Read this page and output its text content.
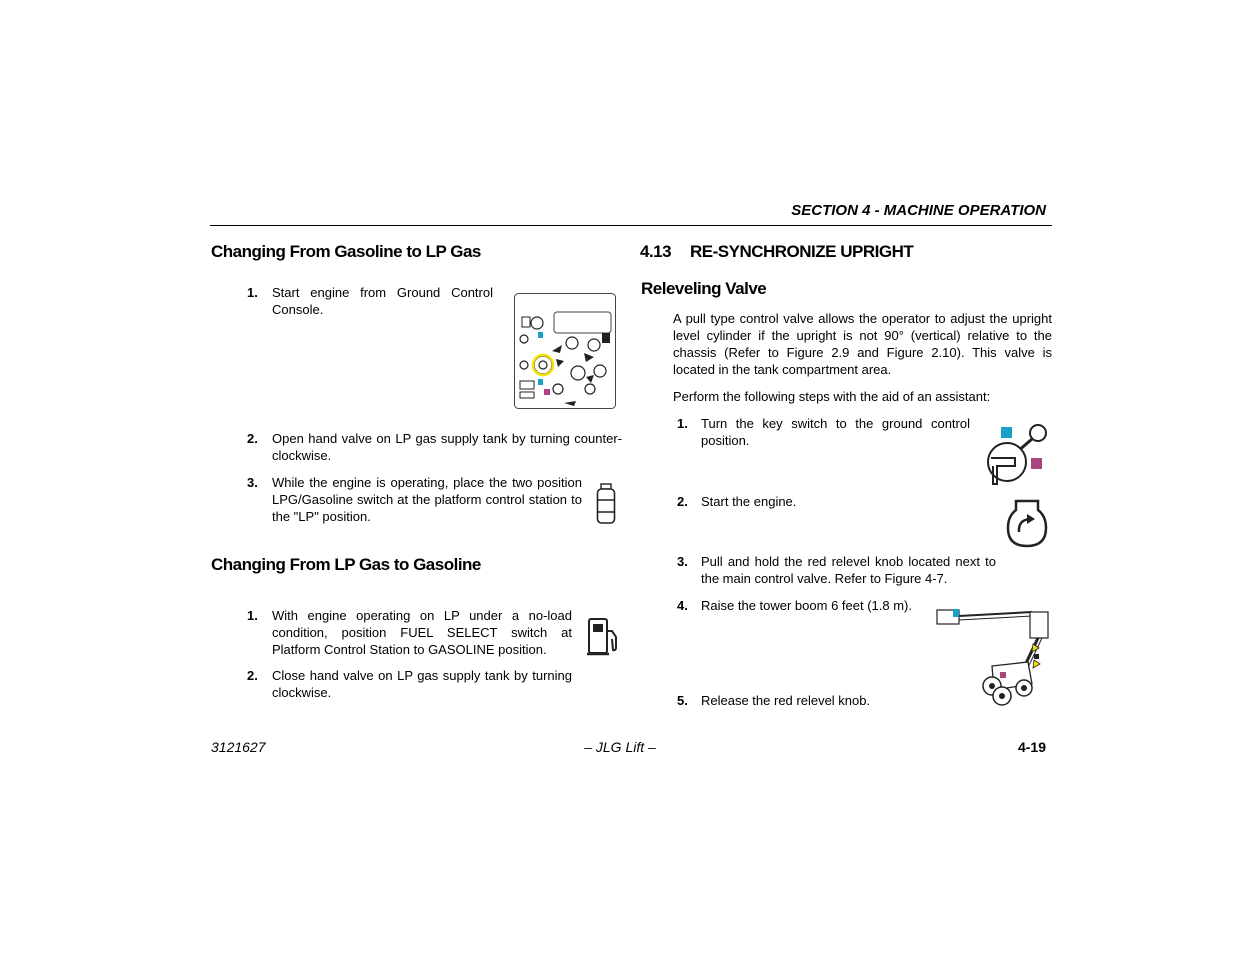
SECTION 4 - MACHINE OPERATION
Changing From Gasoline to LP Gas
1. Start engine from Ground Control Console.
2. Open hand valve on LP gas supply tank by turning counter-clockwise.
3. While the engine is operating, place the two position LPG/Gasoline switch at the platform control station to the "LP" position.
Changing From LP Gas to Gasoline
1. With engine operating on LP under a no-load condition, position FUEL SELECT switch at Platform Control Station to GASOLINE position.
2. Close hand valve on LP gas supply tank by turning clockwise.
4.13 RE-SYNCHRONIZE UPRIGHT
Releveling Valve
A pull type control valve allows the operator to adjust the upright level cylinder if the upright is not 90° (vertical) relative to the chassis (Refer to Figure 2.9 and Figure 2.10). This valve is located in the tank compartment area.
Perform the following steps with the aid of an assistant:
1. Turn the key switch to the ground control position.
2. Start the engine.
3. Pull and hold the red relevel knob located next to the main control valve. Refer to Figure 4-7.
4. Raise the tower boom 6 feet (1.8 m).
5. Release the red relevel knob.
3121627	– JLG Lift –	4-19
